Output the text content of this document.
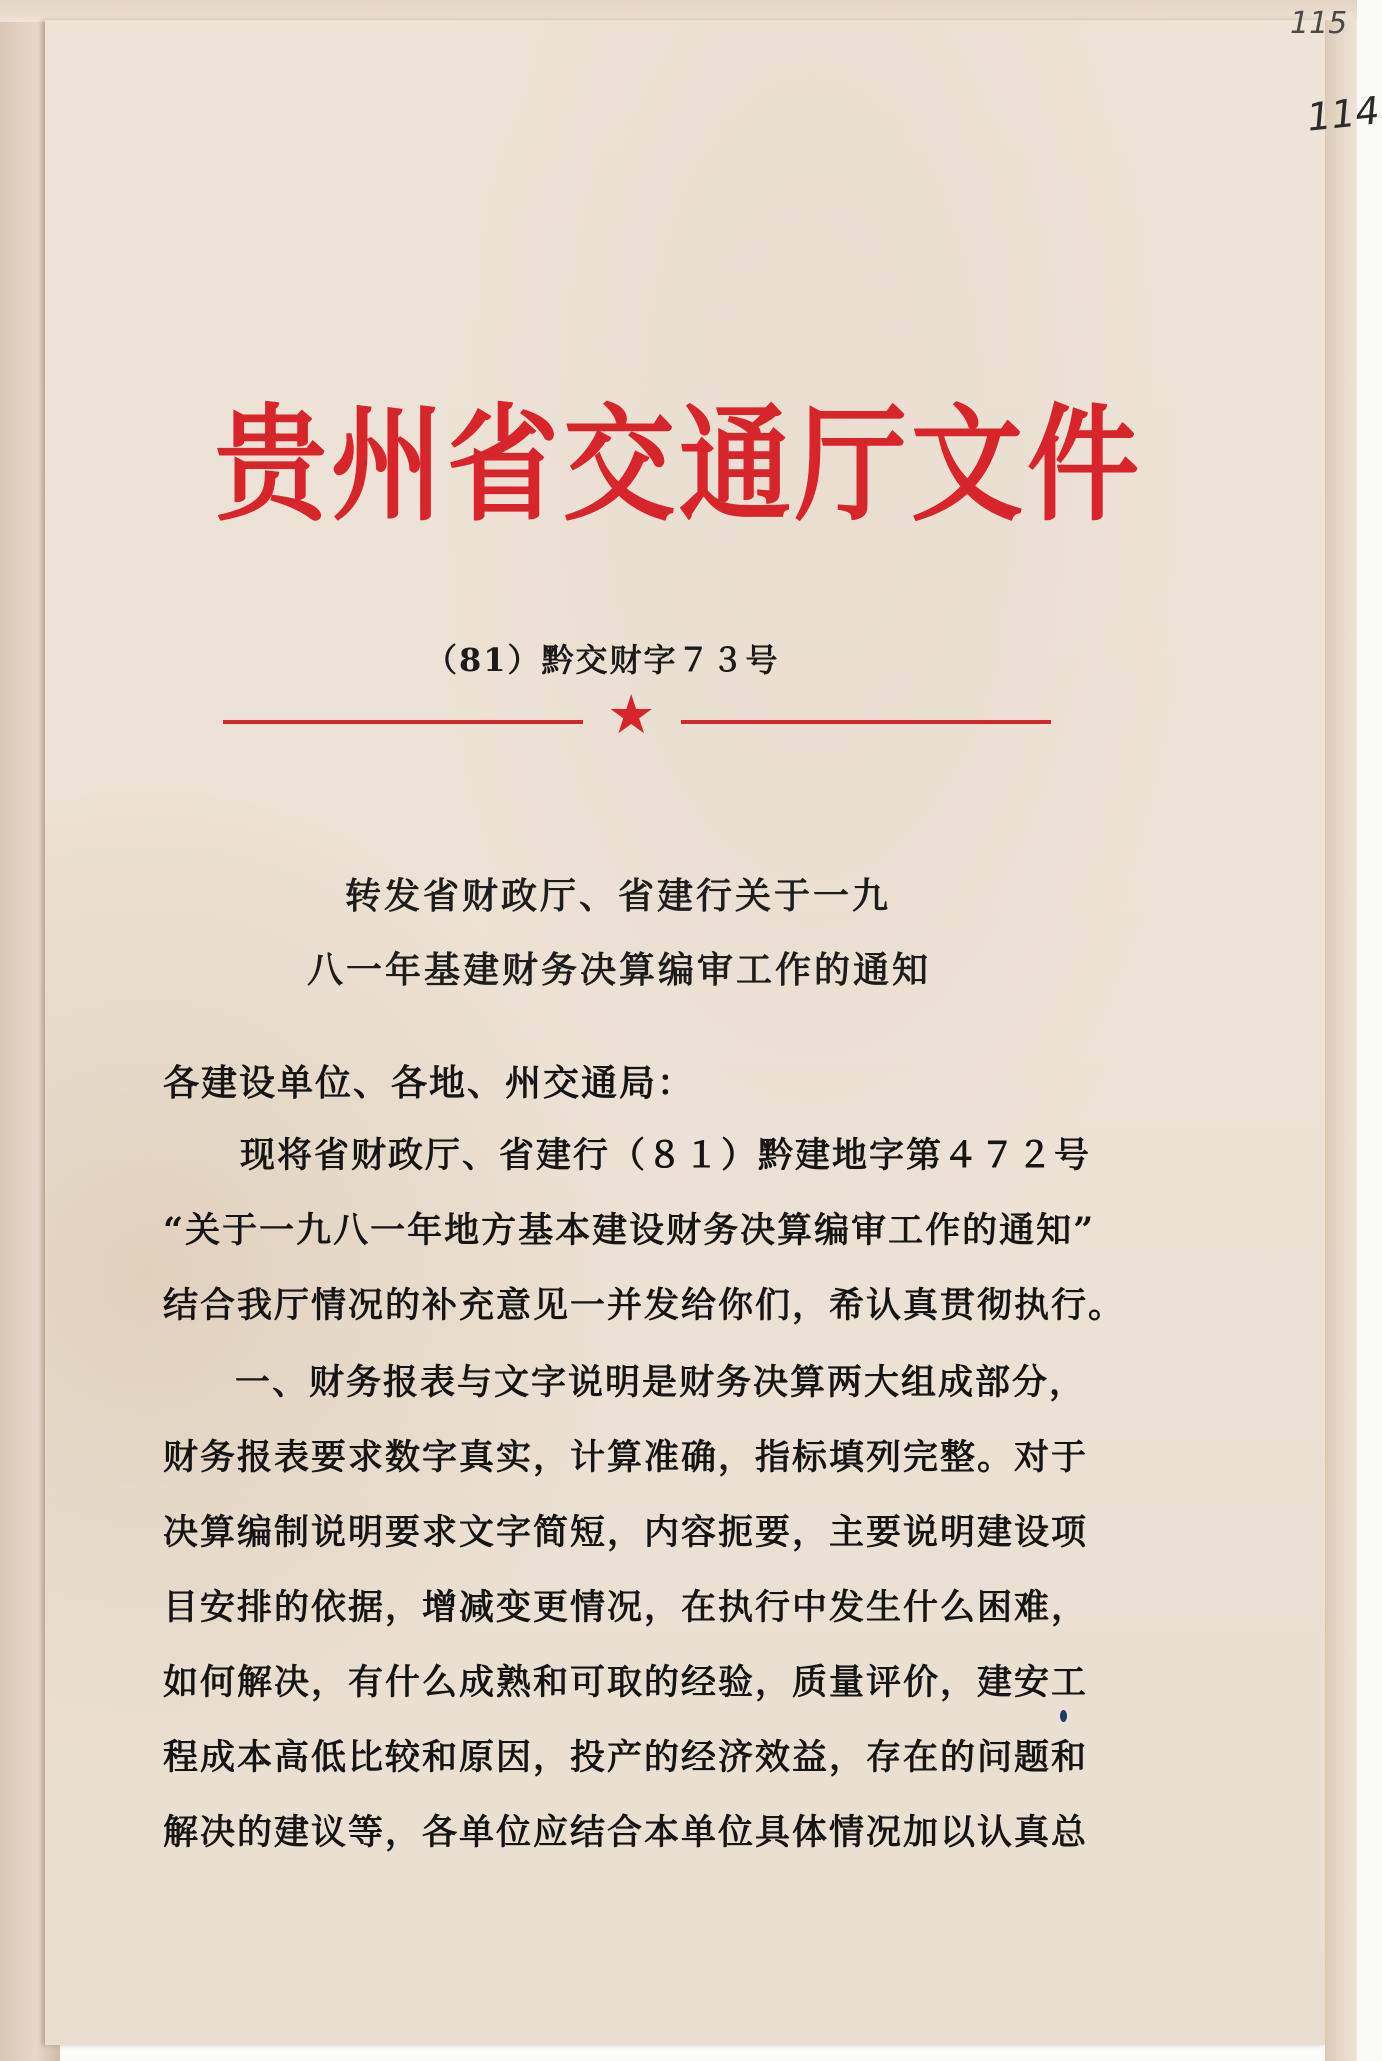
115
114
贵州省交通厅文件
（81）黔交财字７３号
★
转发省财政厅、省建行关于一九
八一年基建财务决算编审工作的通知
各建设单位、各地、州交通局：
现将省财政厅、省建行（８１）黔建地字第４７２号
“关于一九八一年地方基本建设财务决算编审工作的通知”
结合我厅情况的补充意见一并发给你们，希认真贯彻执行。
一、财务报表与文字说明是财务决算两大组成部分，
财务报表要求数字真实，计算准确，指标填列完整。对于
决算编制说明要求文字简短，内容扼要，主要说明建设项
目安排的依据，增减变更情况，在执行中发生什么困难，
如何解决，有什么成熟和可取的经验，质量评价，建安工
程成本高低比较和原因，投产的经济效益，存在的问题和
解决的建议等，各单位应结合本单位具体情况加以认真总
